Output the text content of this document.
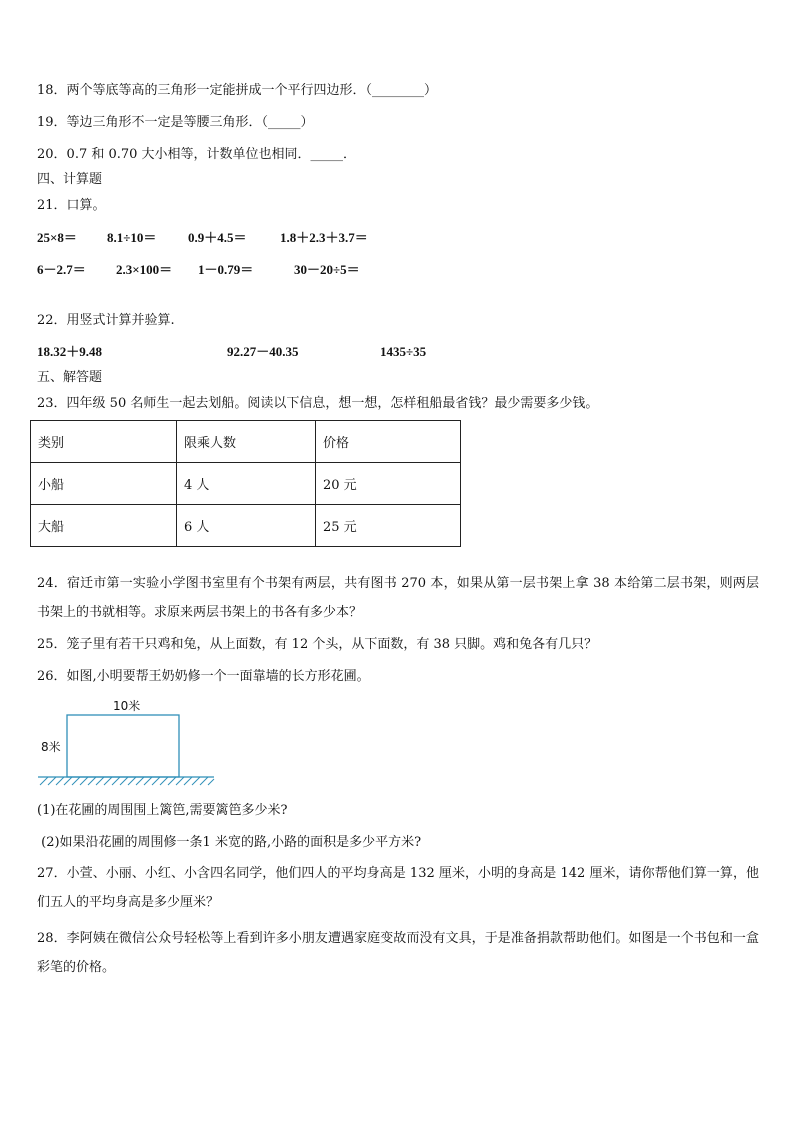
18．两个等底等高的三角形一定能拼成一个平行四边形．（________）
19．等边三角形不一定是等腰三角形．（_____）
20．0.7 和 0.70 大小相等，计数单位也相同．_____．
四、计算题
21．口算。
25×8＝ 8.1÷10＝ 0.9＋4.5＝	1.8＋2.3＋3.7＝
6－2.7＝ 2.3×100＝ 1－0.79＝	30－20÷5＝
22．用竖式计算并验算.
18.32＋9.48	92.27－40.35	1435÷35
五、解答题
23．四年级 50 名师生一起去划船。阅读以下信息，想一想，怎样租船最省钱？最少需要多少钱。
类别	限乘人数	价格
小船	4 人	20 元
大船	6 人	25 元
24．宿迁市第一实验小学图书室里有个书架有两层，共有图书 270 本，如果从第一层书架上拿 38 本给第二层书架，则两层书架上的书就相等。求原来两层书架上的书各有多少本？
25．笼子里有若干只鸡和兔，从上面数，有 12 个头，从下面数，有 38 只脚。鸡和兔各有几只？
26．如图,小明要帮王奶奶修一个一面靠墙的长方形花圃。
10米
8米
(1)在花圃的周围围上篱笆,需要篱笆多少米?
(2)如果沿花圃的周围修一条1 米宽的路,小路的面积是多少平方米?
27．小萱、小丽、小红、小含四名同学，他们四人的平均身高是 132 厘米，小明的身高是 142 厘米，请你帮他们算一算，他们五人的平均身高是多少厘米？
28．李阿姨在微信公众号轻松等上看到许多小朋友遭遇家庭变故而没有文具，于是准备捐款帮助他们。如图是一个书包和一盒彩笔的价格。
